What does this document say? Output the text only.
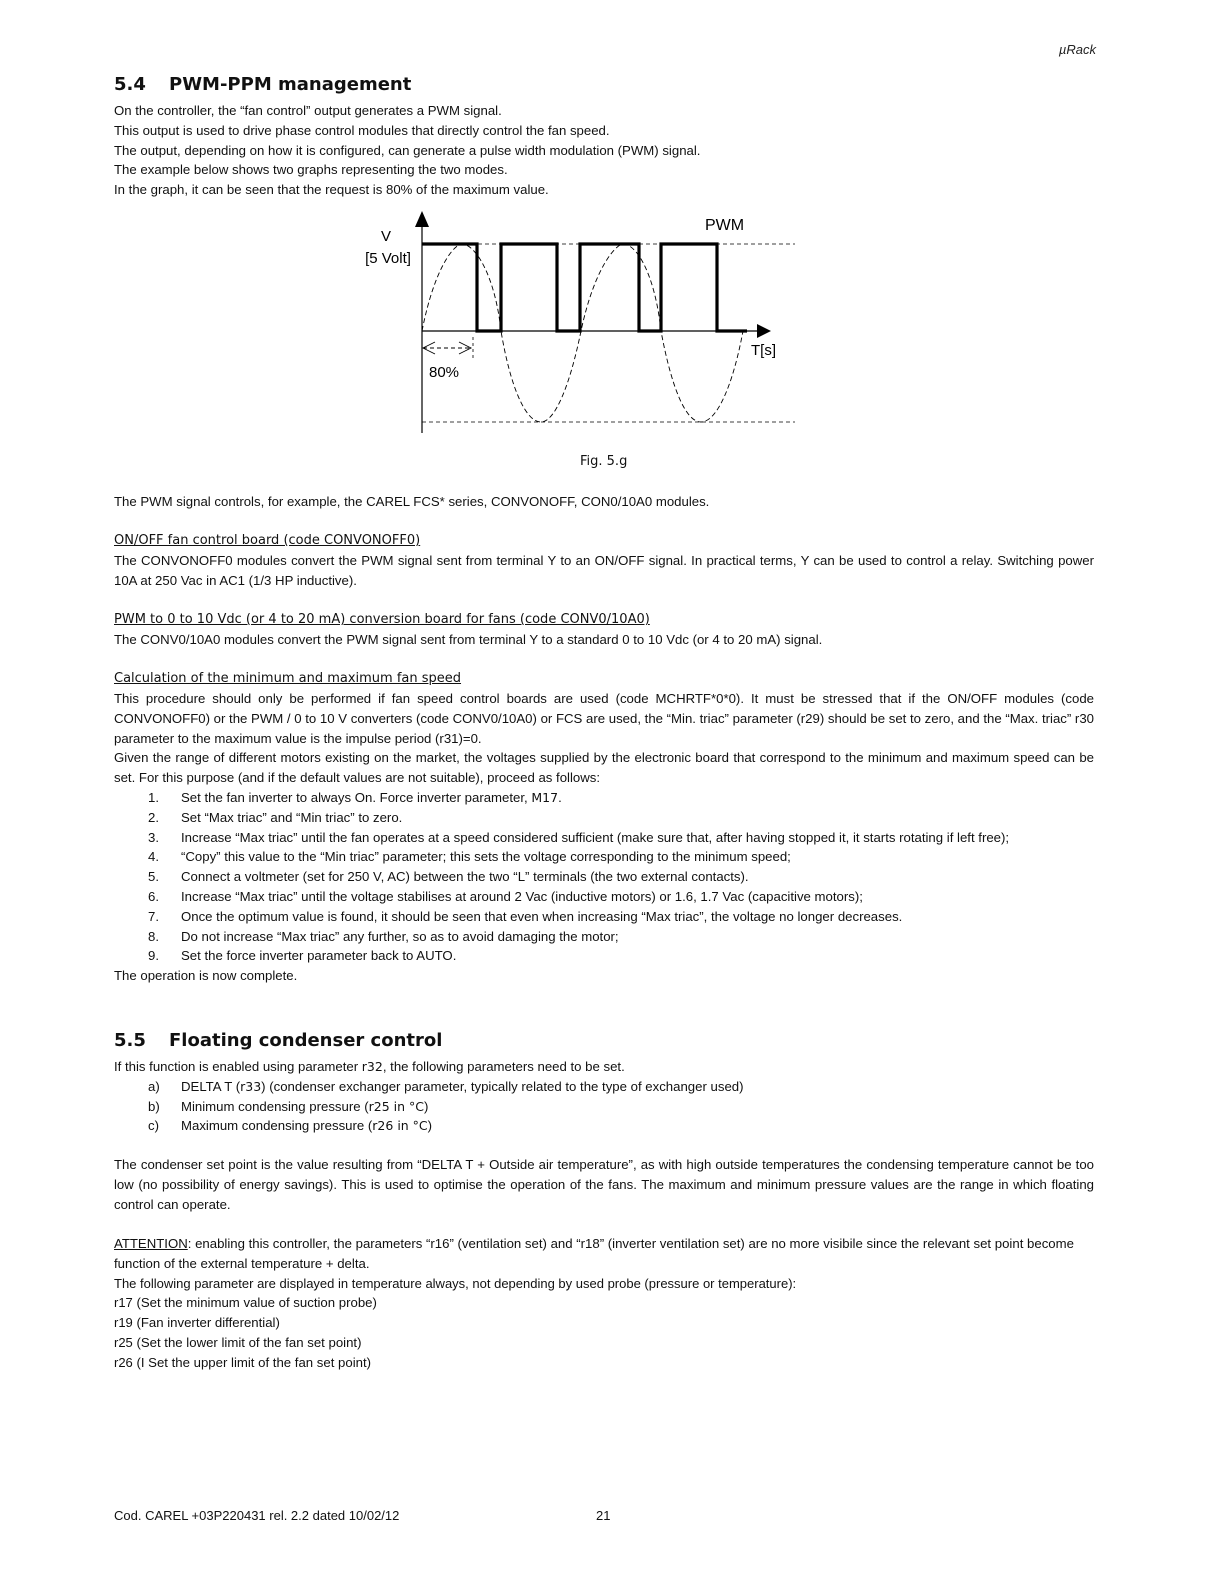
µRack
5.4 PWM-PPM management

On the controller, the “fan control” output generates a PWM signal.

This output is used to drive phase control modules that directly control the fan speed.

The output, depending on how it is configured, can generate a pulse width modulation (PWM) signal.

The example below shows two graphs representing the two modes.

In the graph, it can be seen that the request is 80% of the maximum value.

V
[5 Volt]
PWM
T[s]
80%
Fig. 5.g

The PWM signal controls, for example, the CAREL FCS* series, CONVONOFF, CON0/10A0 modules.

ON/OFF fan control board (code CONVONOFF0)

The CONVONOFF0 modules convert the PWM signal sent from terminal Y to an ON/OFF signal. In practical terms, Y can be used to control a relay. Switching power 10A at 250 Vac in AC1 (1/3 HP inductive).

PWM to 0 to 10 Vdc (or 4 to 20 mA) conversion board for fans (code CONV0/10A0)

The CONV0/10A0 modules convert the PWM signal sent from terminal Y to a standard 0 to 10 Vdc (or 4 to 20 mA) signal.

Calculation of the minimum and maximum fan speed

This procedure should only be performed if fan speed control boards are used (code MCHRTF*0*0). It must be stressed that if the ON/OFF modules (code CONVONOFF0) or the PWM / 0 to 10 V converters (code CONV0/10A0) or FCS are used, the “Min. triac” parameter (r29) should be set to zero, and the “Max. triac” r30 parameter to the maximum value is the impulse period (r31)=0.

Given the range of different motors existing on the market, the voltages supplied by the electronic board that correspond to the minimum and maximum speed can be set. For this purpose (and if the default values are not suitable), proceed as follows:

1.	Set the fan inverter to always On. Force inverter parameter, M17.
2.	Set “Max triac” and “Min triac” to zero.
3.	Increase “Max triac” until the fan operates at a speed considered sufficient (make sure that, after having stopped it, it starts rotating if left free);
4.	“Copy” this value to the “Min triac” parameter; this sets the voltage corresponding to the minimum speed;
5.	Connect a voltmeter (set for 250 V, AC) between the two “L” terminals (the two external contacts).
6.	Increase “Max triac” until the voltage stabilises at around 2 Vac (inductive motors) or 1.6, 1.7 Vac (capacitive motors);
7.	Once the optimum value is found, it should be seen that even when increasing “Max triac”, the voltage no longer decreases.
8.	Do not increase “Max triac” any further, so as to avoid damaging the motor;
9.	Set the force inverter parameter back to AUTO.

The operation is now complete.

5.5 Floating condenser control

If this function is enabled using parameter r32, the following parameters need to be set.

a)	DELTA T (r33) (condenser exchanger parameter, typically related to the type of exchanger used)
b)	Minimum condensing pressure (r25 in °C)
c)	Maximum condensing pressure (r26 in °C)

The condenser set point is the value resulting from “DELTA T + Outside air temperature”, as with high outside temperatures the condensing temperature cannot be too low (no possibility of energy savings). This is used to optimise the operation of the fans. The maximum and minimum pressure values are the range in which floating control can operate.

ATTENTION: enabling this controller, the parameters “r16” (ventilation set) and “r18” (inverter ventilation set) are no more visibile since the relevant set point become function of the external temperature + delta.

The following parameter are displayed in temperature always, not depending by used probe (pressure or temperature):

r17 (Set the minimum value of suction probe)

r19 (Fan inverter differential)

r25 (Set the lower limit of the fan set point)

r26 (I Set the upper limit of the fan set point)

Cod. CAREL +03P220431 rel. 2.2 dated 10/02/12	21
